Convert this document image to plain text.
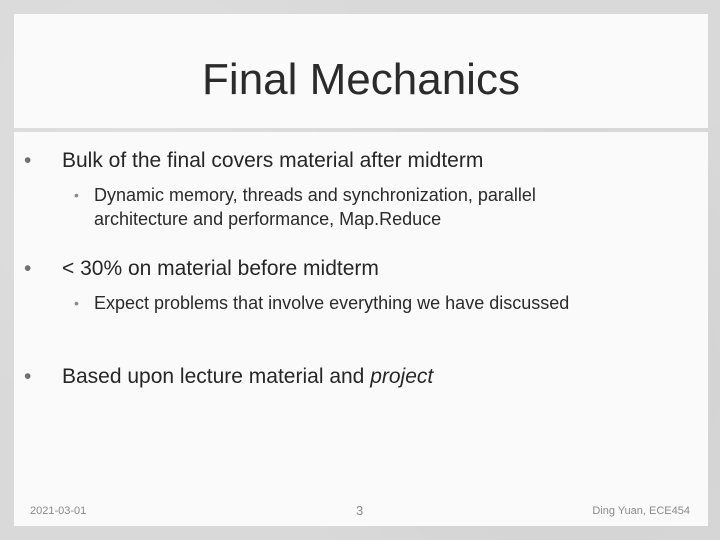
Final Mechanics
•	Bulk of the final covers material after midterm
• Dynamic memory, threads and synchronization, parallel architecture and performance, Map.Reduce
•	< 30% on material before midterm
• Expect problems that involve everything we have discussed
•	Based upon lecture material and project
2021-03-01	3	Ding Yuan, ECE454
